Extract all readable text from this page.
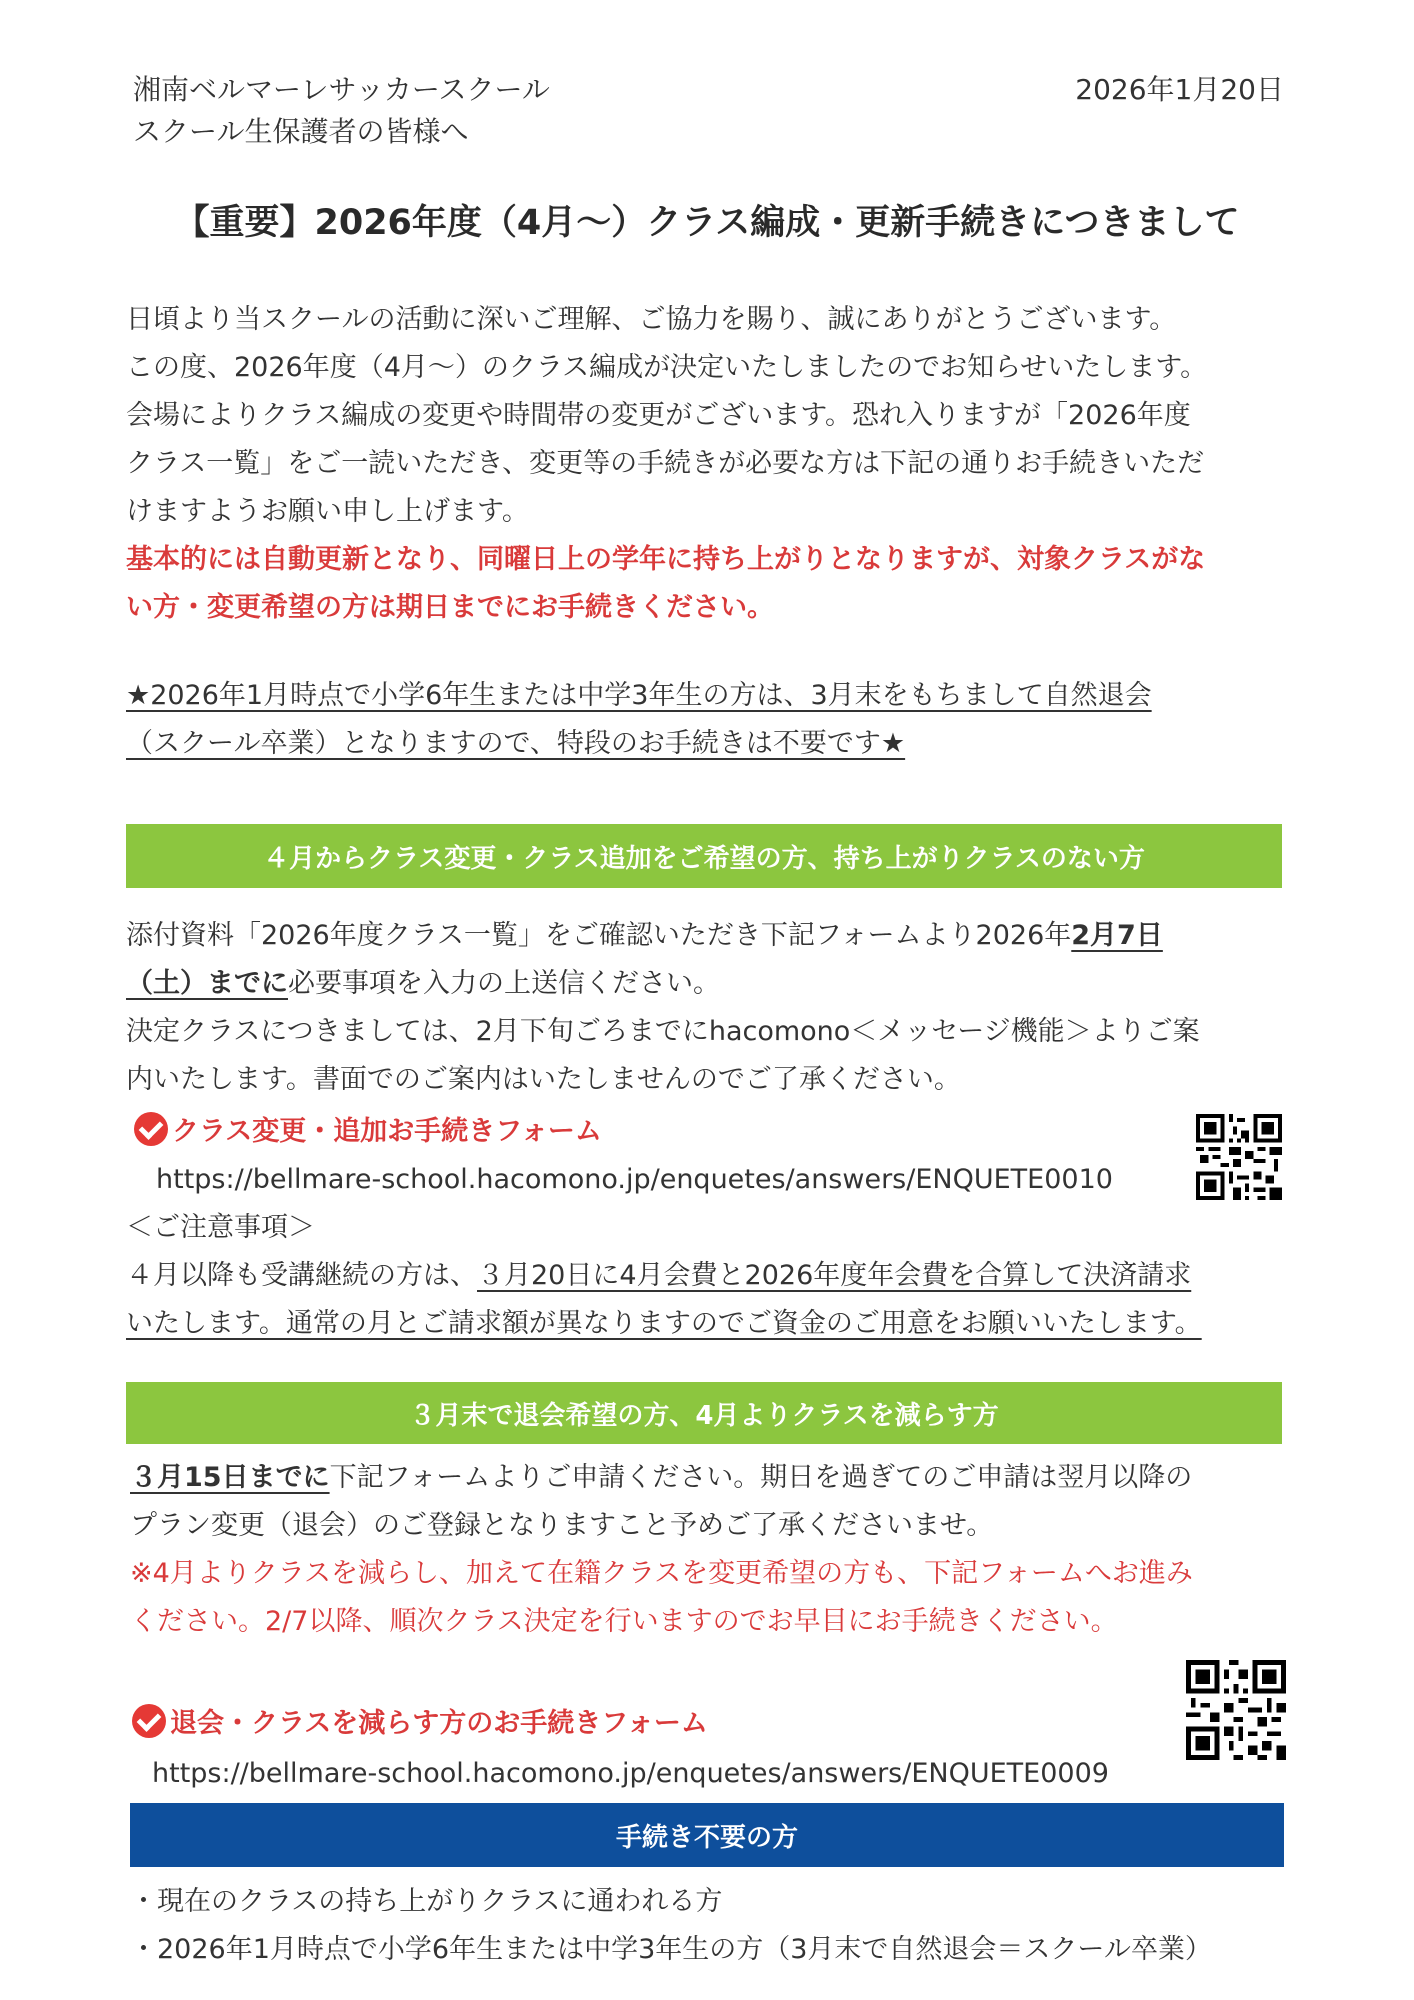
湘南ベルマーレサッカースクール
スクール生保護者の皆様へ
2026年1月20日
【重要】2026年度（4月～）クラス編成・更新手続きにつきまして
日頃より当スクールの活動に深いご理解、ご協力を賜り、誠にありがとうございます。
この度、2026年度（4月～）のクラス編成が決定いたしましたのでお知らせいたします。
会場によりクラス編成の変更や時間帯の変更がございます。恐れ入りますが「2026年度
クラス一覧」をご一読いただき、変更等の手続きが必要な方は下記の通りお手続きいただ
けますようお願い申し上げます。
基本的には自動更新となり、同曜日上の学年に持ち上がりとなりますが、対象クラスがな
い方・変更希望の方は期日までにお手続きください。
★2026年1月時点で小学6年生または中学3年生の方は、3月末をもちまして自然退会
（スクール卒業）となりますので、特段のお手続きは不要です★
４月からクラス変更・クラス追加をご希望の方、持ち上がりクラスのない方
添付資料「2026年度クラス一覧」をご確認いただき下記フォームより2026年2月7日
（土）までに必要事項を入力の上送信ください。
決定クラスにつきましては、2月下旬ごろまでにhacomono＜メッセージ機能＞よりご案
内いたします。書面でのご案内はいたしませんのでご了承ください。
クラス変更・追加お手続きフォーム
https://bellmare-school.hacomono.jp/enquetes/answers/ENQUETE0010
＜ご注意事項＞
４月以降も受講継続の方は、３月20日に4月会費と2026年度年会費を合算して決済請求
いたします。通常の月とご請求額が異なりますのでご資金のご用意をお願いいたします。
３月末で退会希望の方、4月よりクラスを減らす方
３月15日までに下記フォームよりご申請ください。期日を過ぎてのご申請は翌月以降の
プラン変更（退会）のご登録となりますこと予めご了承くださいませ。
※4月よりクラスを減らし、加えて在籍クラスを変更希望の方も、下記フォームへお進み
ください。2/7以降、順次クラス決定を行いますのでお早目にお手続きください。
退会・クラスを減らす方のお手続きフォーム
https://bellmare-school.hacomono.jp/enquetes/answers/ENQUETE0009
手続き不要の方
・現在のクラスの持ち上がりクラスに通われる方
・2026年1月時点で小学6年生または中学3年生の方（3月末で自然退会＝スクール卒業）
